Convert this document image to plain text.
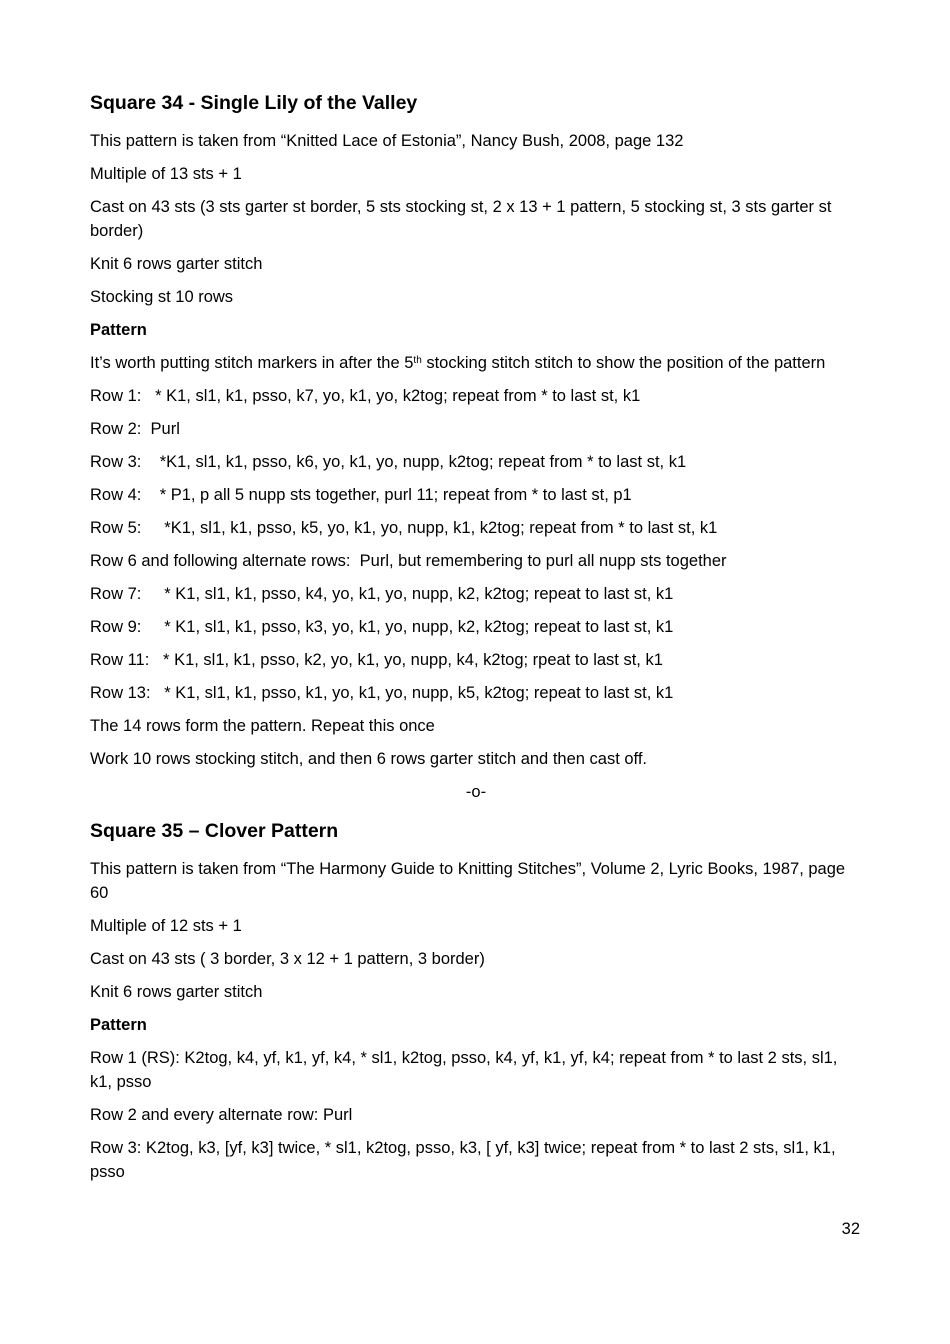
Square 34 - Single Lily of the Valley

This pattern is taken from “Knitted Lace of Estonia”, Nancy Bush, 2008, page 132

Multiple of 13 sts + 1

Cast on 43 sts (3 sts garter st border, 5 sts stocking st, 2 x 13 + 1 pattern, 5 stocking st, 3 sts garter st border)

Knit 6 rows garter stitch

Stocking st 10 rows

Pattern

It’s worth putting stitch markers in after the 5th stocking stitch stitch to show the position of the pattern

Row 1:   * K1, sl1, k1, psso, k7, yo, k1, yo, k2tog; repeat from * to last st, k1

Row 2:  Purl

Row 3:    *K1, sl1, k1, psso, k6, yo, k1, yo, nupp, k2tog; repeat from * to last st, k1

Row 4:    * P1, p all 5 nupp sts together, purl 11; repeat from * to last st, p1

Row 5:     *K1, sl1, k1, psso, k5, yo, k1, yo, nupp, k1, k2tog; repeat from * to last st, k1

Row 6 and following alternate rows:  Purl, but remembering to purl all nupp sts together

Row 7:     * K1, sl1, k1, psso, k4, yo, k1, yo, nupp, k2, k2tog; repeat to last st, k1

Row 9:     * K1, sl1, k1, psso, k3, yo, k1, yo, nupp, k2, k2tog; repeat to last st, k1

Row 11:   * K1, sl1, k1, psso, k2, yo, k1, yo, nupp, k4, k2tog; rpeat to last st, k1

Row 13:   * K1, sl1, k1, psso, k1, yo, k1, yo, nupp, k5, k2tog; repeat to last st, k1

The 14 rows form the pattern. Repeat this once

Work 10 rows stocking stitch, and then 6 rows garter stitch and then cast off.

-o-

Square 35 – Clover Pattern

This pattern is taken from “The Harmony Guide to Knitting Stitches”, Volume 2, Lyric Books, 1987, page 60

Multiple of 12 sts + 1

Cast on 43 sts ( 3 border, 3 x 12 + 1 pattern, 3 border)

Knit 6 rows garter stitch

Pattern

Row 1 (RS): K2tog, k4, yf, k1, yf, k4, * sl1, k2tog, psso, k4, yf, k1, yf, k4; repeat from * to last 2 sts, sl1, k1, psso

Row 2 and every alternate row: Purl

Row 3: K2tog, k3, [yf, k3] twice, * sl1, k2tog, psso, k3, [ yf, k3] twice; repeat from * to last 2 sts, sl1, k1, psso

32
